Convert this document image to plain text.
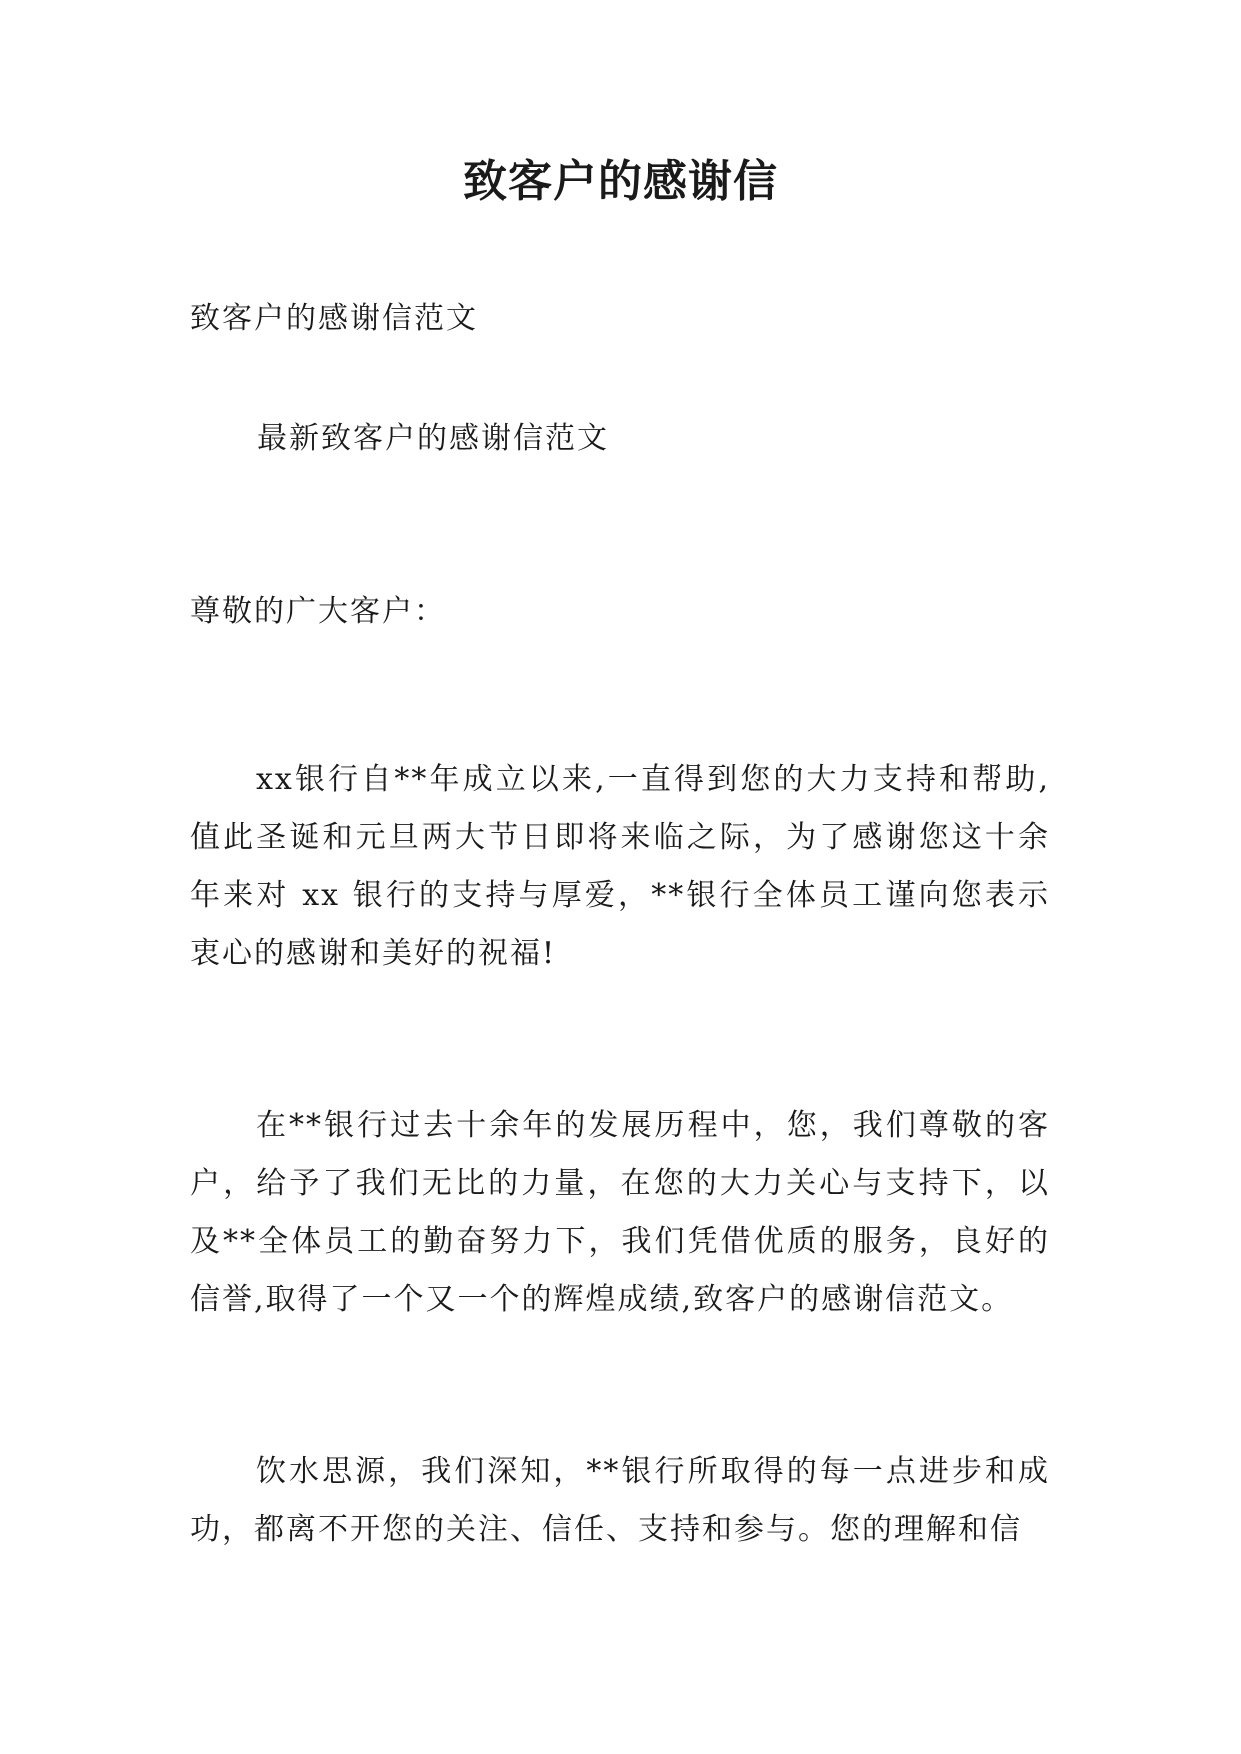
致客户的感谢信

致客户的感谢信范文

最新致客户的感谢信范文

尊敬的广大客户：

xx银行自**年成立以来,一直得到您的大力支持和帮助,值此圣诞和元旦两大节日即将来临之际，为了感谢您这十余年来对 xx 银行的支持与厚爱，**银行全体员工谨向您表示衷心的感谢和美好的祝福!

在**银行过去十余年的发展历程中，您，我们尊敬的客户，给予了我们无比的力量，在您的大力关心与支持下，以及**全体员工的勤奋努力下，我们凭借优质的服务，良好的信誉,取得了一个又一个的辉煌成绩,致客户的感谢信范文。

饮水思源，我们深知，**银行所取得的每一点进步和成功，都离不开您的关注、信任、支持和参与。您的理解和信
